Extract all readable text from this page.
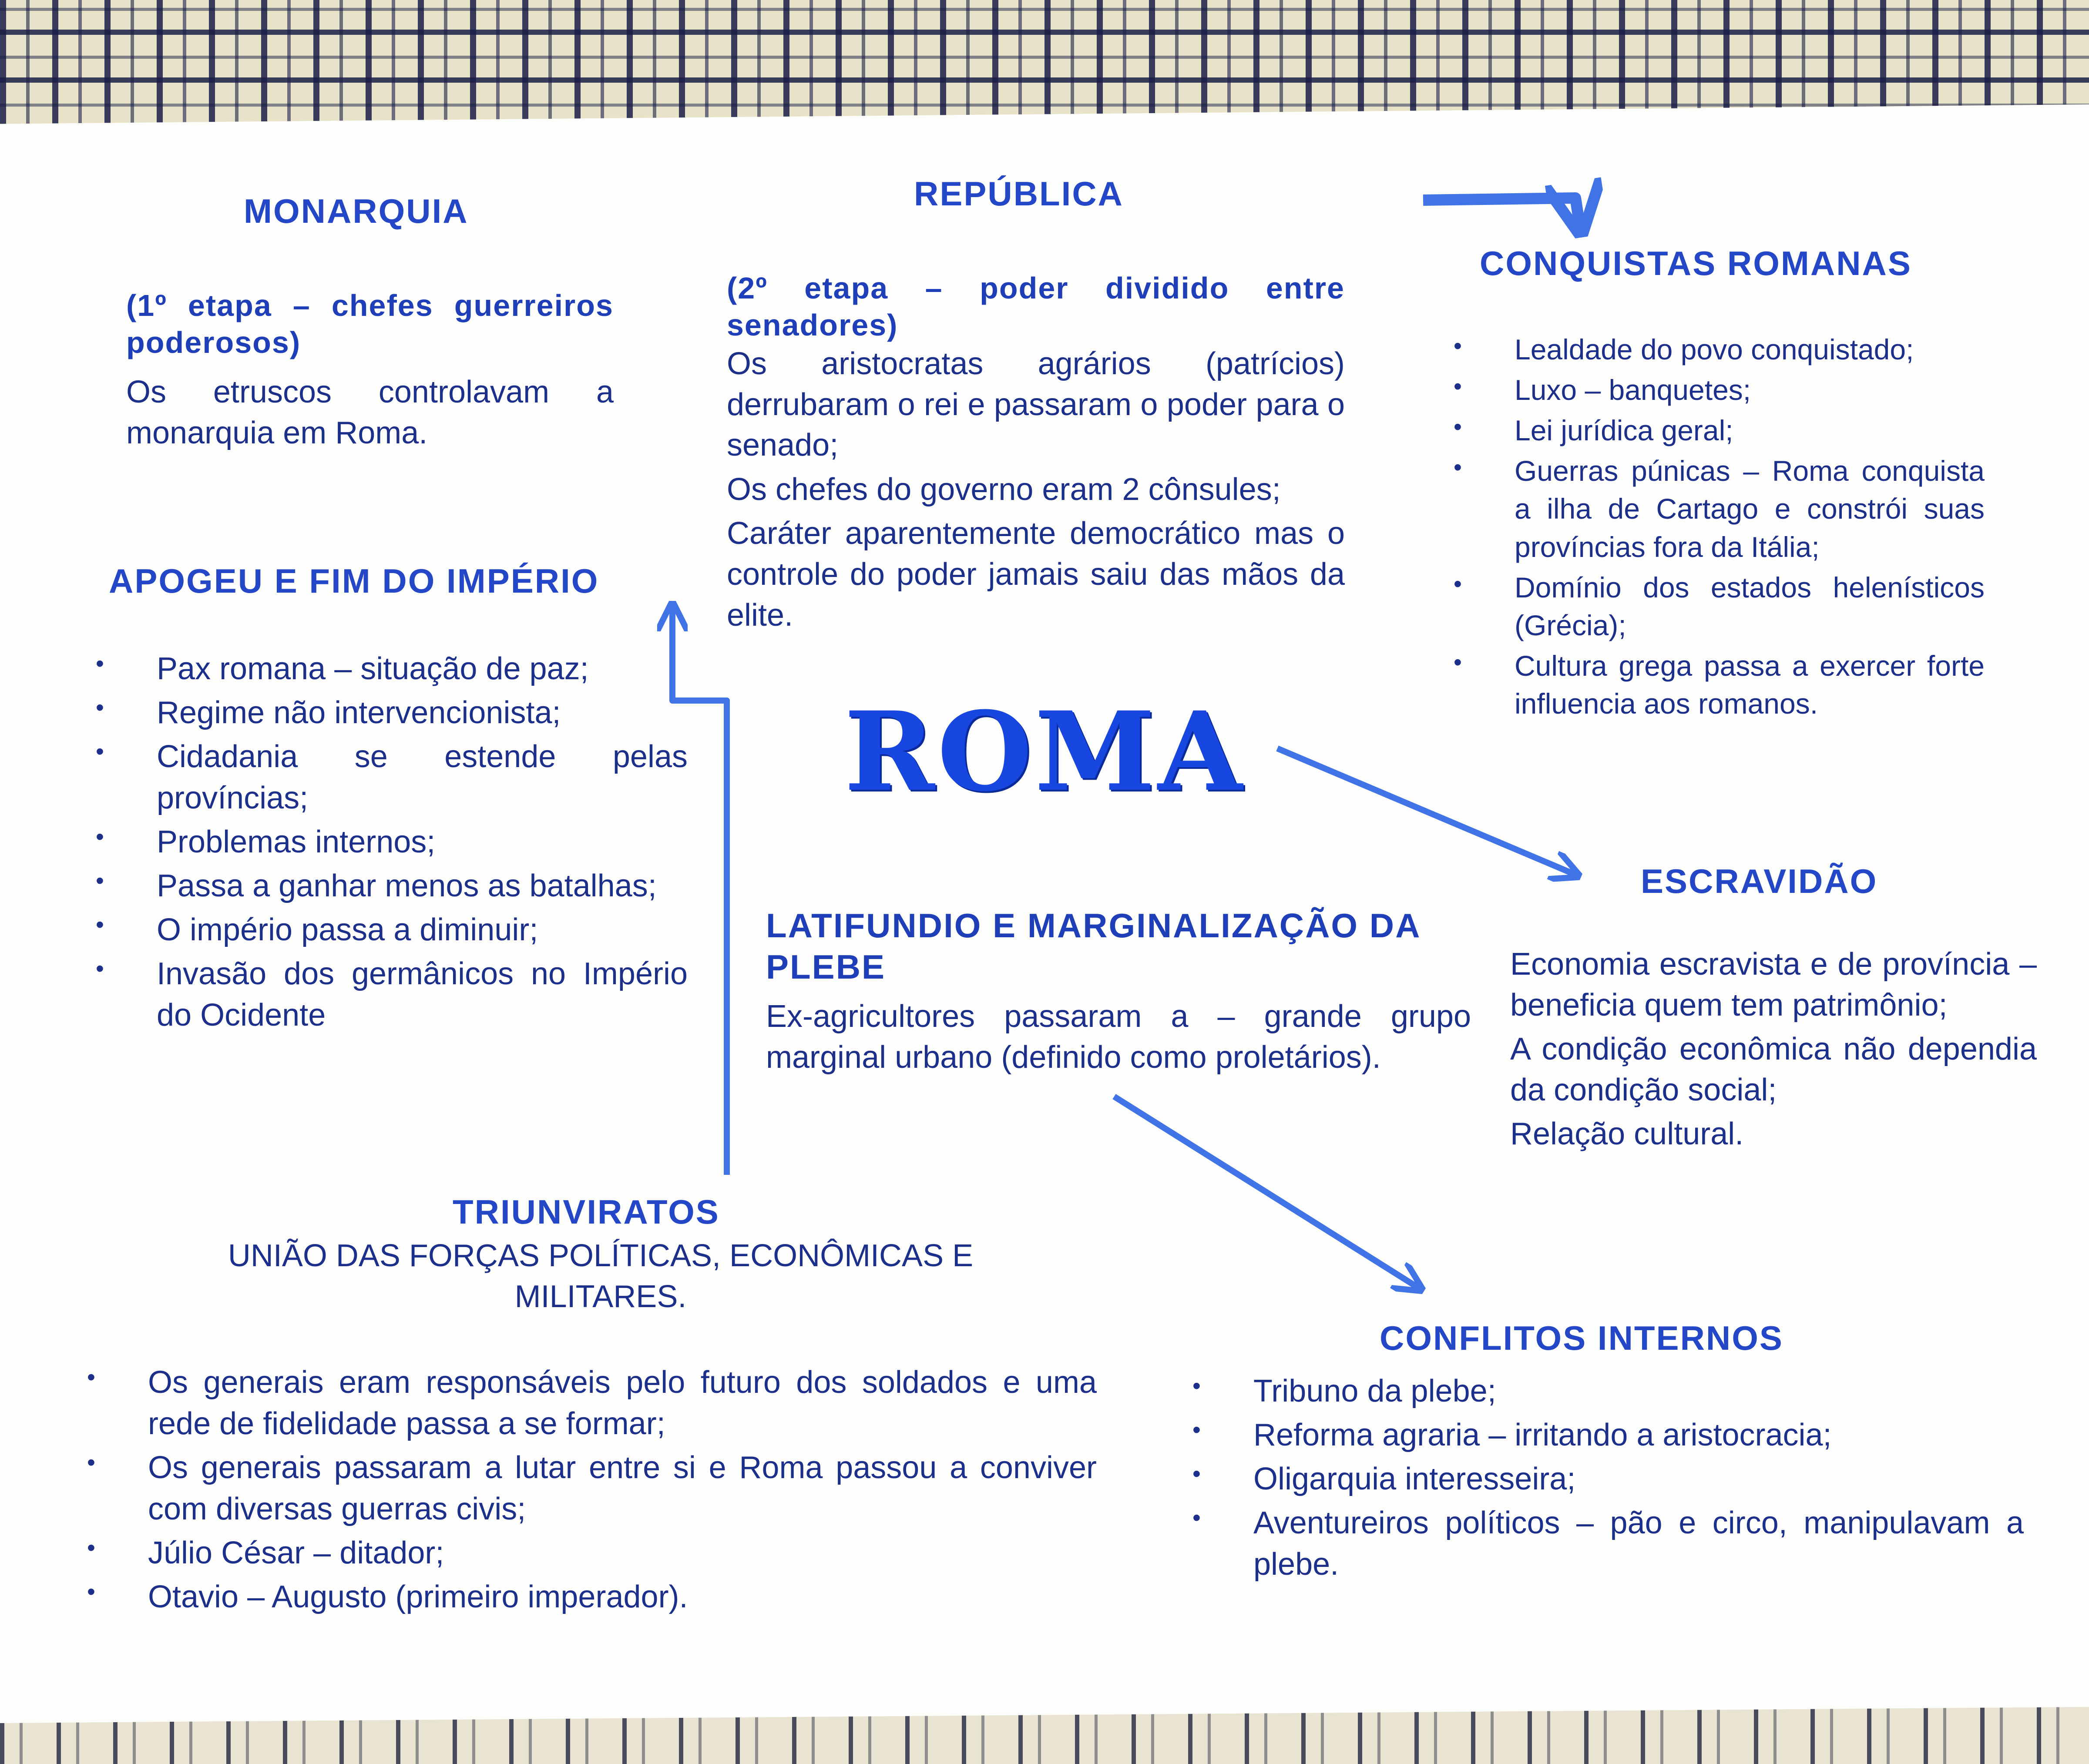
MONARQUIA
(1º etapa – chefes guerreiros poderosos)
Os etruscos controlavam a monarquia em Roma.
REPÚBLICA
(2º etapa – poder dividido entre senadores)

Os aristocratas agrários (patrícios) derrubaram o rei e passaram o poder para o senado;

Os chefes do governo eram 2 cônsules;

Caráter aparentemente democrático mas o controle do poder jamais saiu das mãos da elite.

CONQUISTAS ROMANAS
• Lealdade do povo conquistado;
• Luxo – banquetes;
• Lei jurídica geral;
• Guerras púnicas – Roma conquista a ilha de Cartago e constrói suas províncias fora da Itália;
• Domínio dos estados helenísticos (Grécia);
• Cultura grega passa a exercer forte influencia aos romanos.
APOGEU E FIM DO IMPÉRIO
• Pax romana – situação de paz;
• Regime não intervencionista;
• Cidadania se estende pelas províncias;
• Problemas internos;
• Passa a ganhar menos as batalhas;
• O império passa a diminuir;
• Invasão dos germânicos no Império do Ocidente
ROMA
ESCRAVIDÃO

Economia escravista e de província – beneficia quem tem patrimônio;

A condição econômica não dependia da condição social;

Relação cultural.

LATIFUNDIO E MARGINALIZAÇÃO DA PLEBE
Ex-agricultores passaram a – grande grupo marginal urbano (definido como proletários).
TRIUNVIRATOS
UNIÃO DAS FORÇAS POLÍTICAS, ECONÔMICAS E MILITARES.
• Os generais eram responsáveis pelo futuro dos soldados e uma rede de fidelidade passa a se formar;
• Os generais passaram a lutar entre si e Roma passou a conviver com diversas guerras civis;
• Júlio César – ditador;
• Otavio – Augusto (primeiro imperador).
CONFLITOS INTERNOS
• Tribuno da plebe;
• Reforma agraria – irritando a aristocracia;
• Oligarquia interesseira;
• Aventureiros políticos – pão e circo, manipulavam a plebe.
